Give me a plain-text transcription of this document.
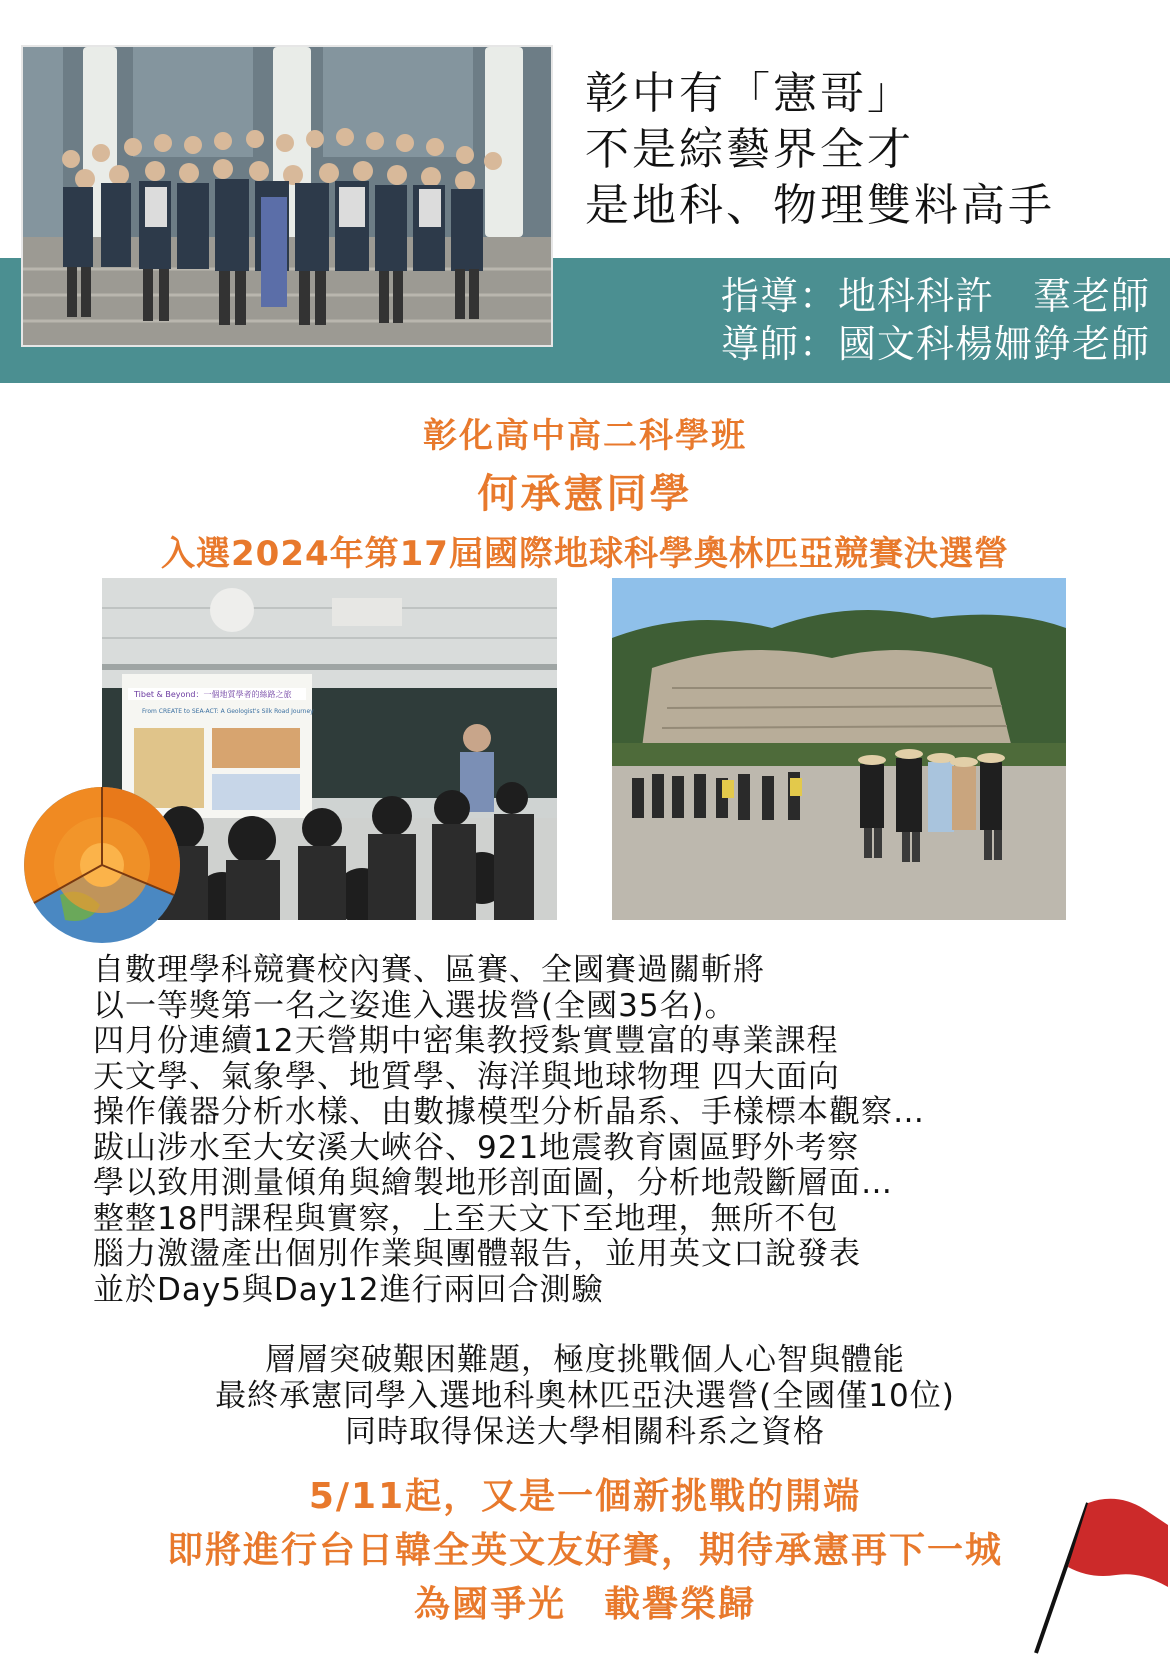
彰中有「憲哥」
不是綜藝界全才
是地科、物理雙料高手
指導：地科科許　羣老師
導師：國文科楊姍錚老師
彰化高中高二科學班
何承憲同學
入選2024年第17屆國際地球科學奧林匹亞競賽決選營
Tibet & Beyond：一個地質學者的絲路之旅
From CREATE to SEA-ACT: A Geologist's Silk Road Journey
自數理學科競賽校內賽、區賽、全國賽過關斬將
以一等獎第一名之姿進入選拔營(全國35名)。
四月份連續12天營期中密集教授紮實豐富的專業課程
天文學、氣象學、地質學、海洋與地球物理 四大面向
操作儀器分析水樣、由數據模型分析晶系、手樣標本觀察…
跋山涉水至大安溪大峽谷、921地震教育園區野外考察
學以致用測量傾角與繪製地形剖面圖，分析地殼斷層面…
整整18門課程與實察，上至天文下至地理，無所不包
腦力激盪產出個別作業與團體報告，並用英文口說發表
並於Day5與Day12進行兩回合測驗
層層突破艱困難題，極度挑戰個人心智與體能
最終承憲同學入選地科奧林匹亞決選營(全國僅10位)
同時取得保送大學相關科系之資格
5/11起，又是一個新挑戰的開端
即將進行台日韓全英文友好賽，期待承憲再下一城
為國爭光　載譽榮歸
